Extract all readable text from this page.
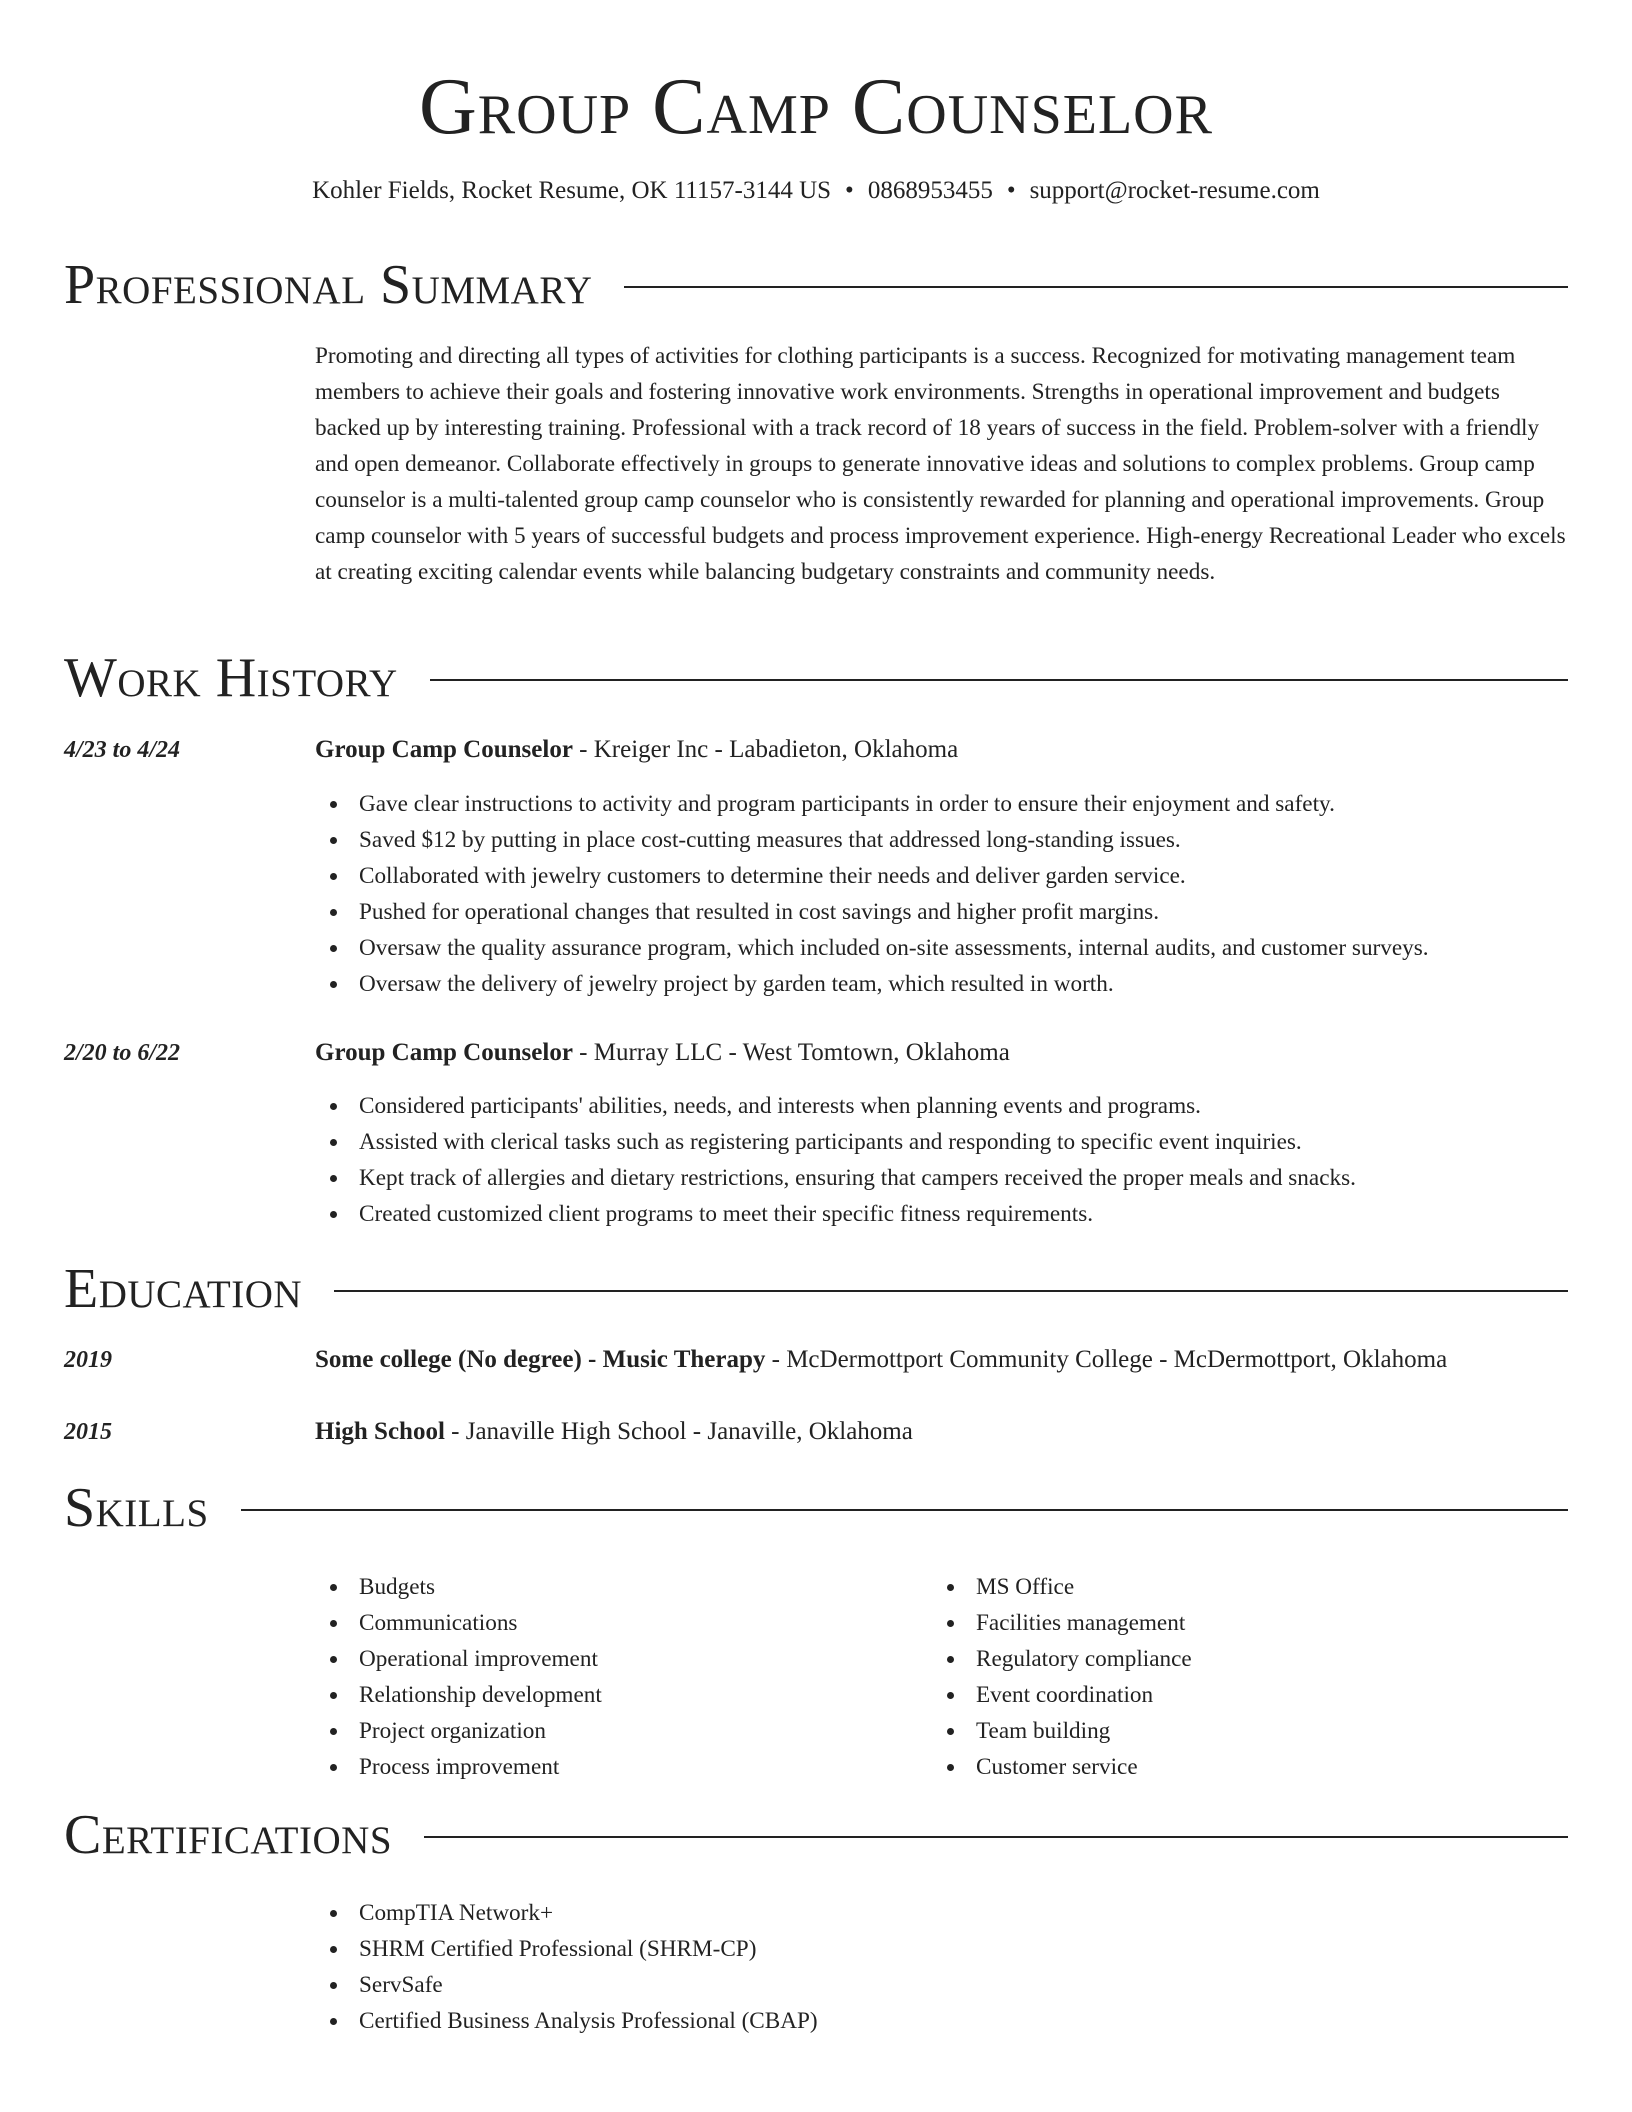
Group Camp Counselor
Kohler Fields, Rocket Resume, OK 11157-3144 US • 0868953455 • support@rocket-resume.com
Professional Summary
Promoting and directing all types of activities for clothing participants is a success. Recognized for motivating management team members to achieve their goals and fostering innovative work environments. Strengths in operational improvement and budgets backed up by interesting training. Professional with a track record of 18 years of success in the field. Problem-solver with a friendly and open demeanor. Collaborate effectively in groups to generate innovative ideas and solutions to complex problems. Group camp counselor is a multi-talented group camp counselor who is consistently rewarded for planning and operational improvements. Group camp counselor with 5 years of successful budgets and process improvement experience. High-energy Recreational Leader who excels at creating exciting calendar events while balancing budgetary constraints and community needs.
Work History
4/23 to 4/24	Group Camp Counselor - Kreiger Inc - Labadieton, Oklahoma
Gave clear instructions to activity and program participants in order to ensure their enjoyment and safety.
Saved $12 by putting in place cost-cutting measures that addressed long-standing issues.
Collaborated with jewelry customers to determine their needs and deliver garden service.
Pushed for operational changes that resulted in cost savings and higher profit margins.
Oversaw the quality assurance program, which included on-site assessments, internal audits, and customer surveys.
Oversaw the delivery of jewelry project by garden team, which resulted in worth.
2/20 to 6/22	Group Camp Counselor - Murray LLC - West Tomtown, Oklahoma
Considered participants' abilities, needs, and interests when planning events and programs.
Assisted with clerical tasks such as registering participants and responding to specific event inquiries.
Kept track of allergies and dietary restrictions, ensuring that campers received the proper meals and snacks.
Created customized client programs to meet their specific fitness requirements.
Education
2019	Some college (No degree) - Music Therapy - McDermottport Community College - McDermottport, Oklahoma
2015	High School - Janaville High School - Janaville, Oklahoma
Skills
Budgets
Communications
Operational improvement
Relationship development
Project organization
Process improvement
MS Office
Facilities management
Regulatory compliance
Event coordination
Team building
Customer service
Certifications
CompTIA Network+
SHRM Certified Professional (SHRM-CP)
ServSafe
Certified Business Analysis Professional (CBAP)
